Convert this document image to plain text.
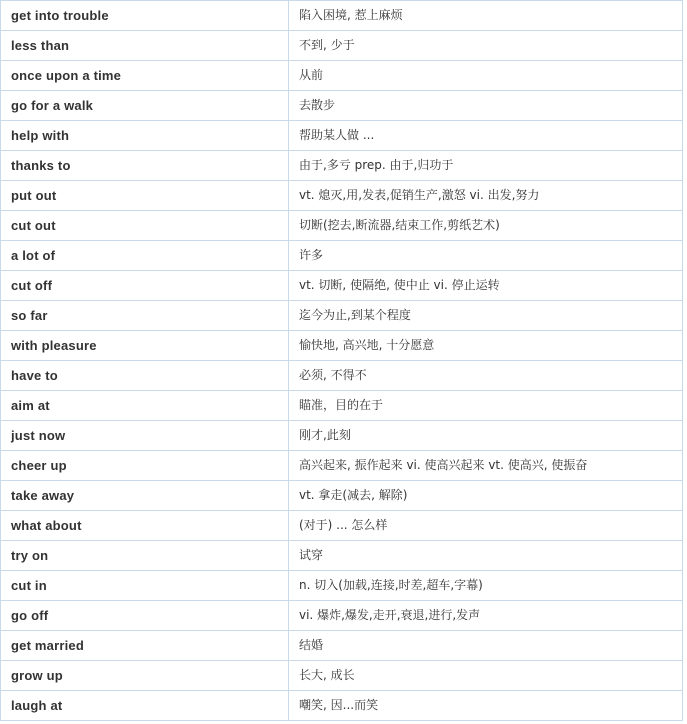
get into trouble	陷入困境, 惹上麻烦
less than	不到, 少于
once upon a time	从前
go for a walk	去散步
help with	帮助某人做 ...
thanks to	由于,多亏 prep. 由于,归功于
put out	vt. 熄灭,用,发表,促销生产,激怒 vi. 出发,努力
cut out	切断(挖去,断流器,结束工作,剪纸艺术)
a lot of	许多
cut off	vt. 切断, 使隔绝, 使中止 vi. 停止运转
so far	迄今为止,到某个程度
with pleasure	愉快地, 高兴地, 十分愿意
have to	必须, 不得不
aim at	瞄准，目的在于
just now	刚才,此刻
cheer up	高兴起来, 振作起来 vi. 使高兴起来 vt. 使高兴, 使振奋
take away	vt. 拿走(减去, 解除)
what about	(对于) ... 怎么样
try on	试穿
cut in	n. 切入(加载,连接,时差,超车,字幕)
go off	vi. 爆炸,爆发,走开,衰退,进行,发声
get married	结婚
grow up	长大, 成长
laugh at	嘲笑, 因...而笑
